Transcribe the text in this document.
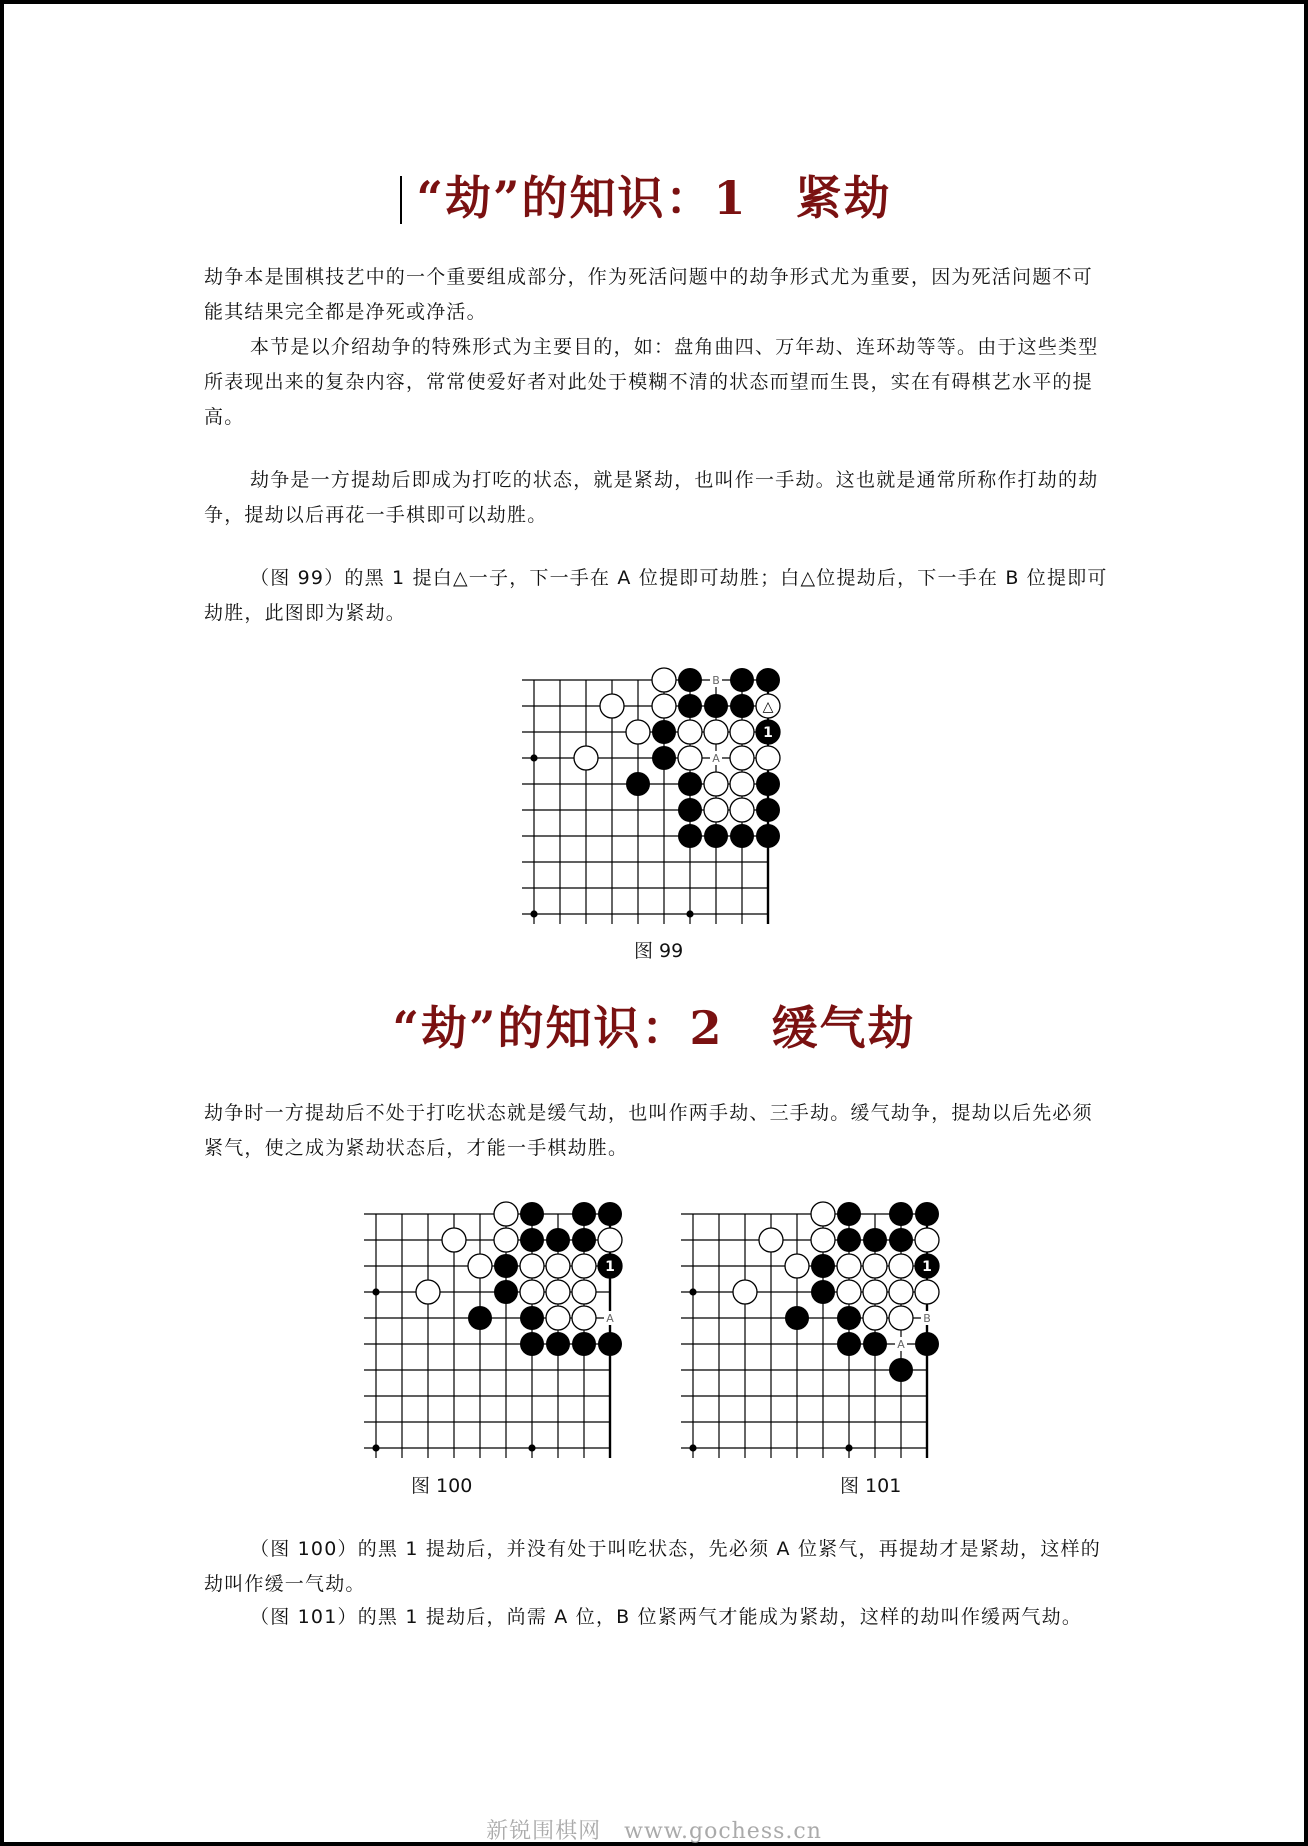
“劫”的知识：1　紧劫

劫争本是围棋技艺中的一个重要组成部分，作为死活问题中的劫争形式尤为重要，因为死活问题不可能其结果完全都是净死或净活。

本节是以介绍劫争的特殊形式为主要目的，如：盘角曲四、万年劫、连环劫等等。由于这些类型所表现出来的复杂内容，常常使爱好者对此处于模糊不清的状态而望而生畏，实在有碍棋艺水平的提高。

劫争是一方提劫后即成为打吃的状态，就是紧劫，也叫作一手劫。这也就是通常所称作打劫的劫争，提劫以后再花一手棋即可以劫胜。

（图 99）的黑 1 提白△一子，下一手在 A 位提即可劫胜；白△位提劫后，下一手在 B 位提即可劫胜，此图即为紧劫。

△
1
B
A
图 99
“劫”的知识：2　缓气劫

劫争时一方提劫后不处于打吃状态就是缓气劫，也叫作两手劫、三手劫。缓气劫争，提劫以后先必须紧气，使之成为紧劫状态后，才能一手棋劫胜。

1
A
图 100
1
B
A
图 101

（图 100）的黑 1 提劫后，并没有处于叫吃状态，先必须 A 位紧气，再提劫才是紧劫，这样的劫叫作缓一气劫。

（图 101）的黑 1 提劫后，尚需 A 位，B 位紧两气才能成为紧劫，这样的劫叫作缓两气劫。

新锐围棋网　www.gochess.cn
